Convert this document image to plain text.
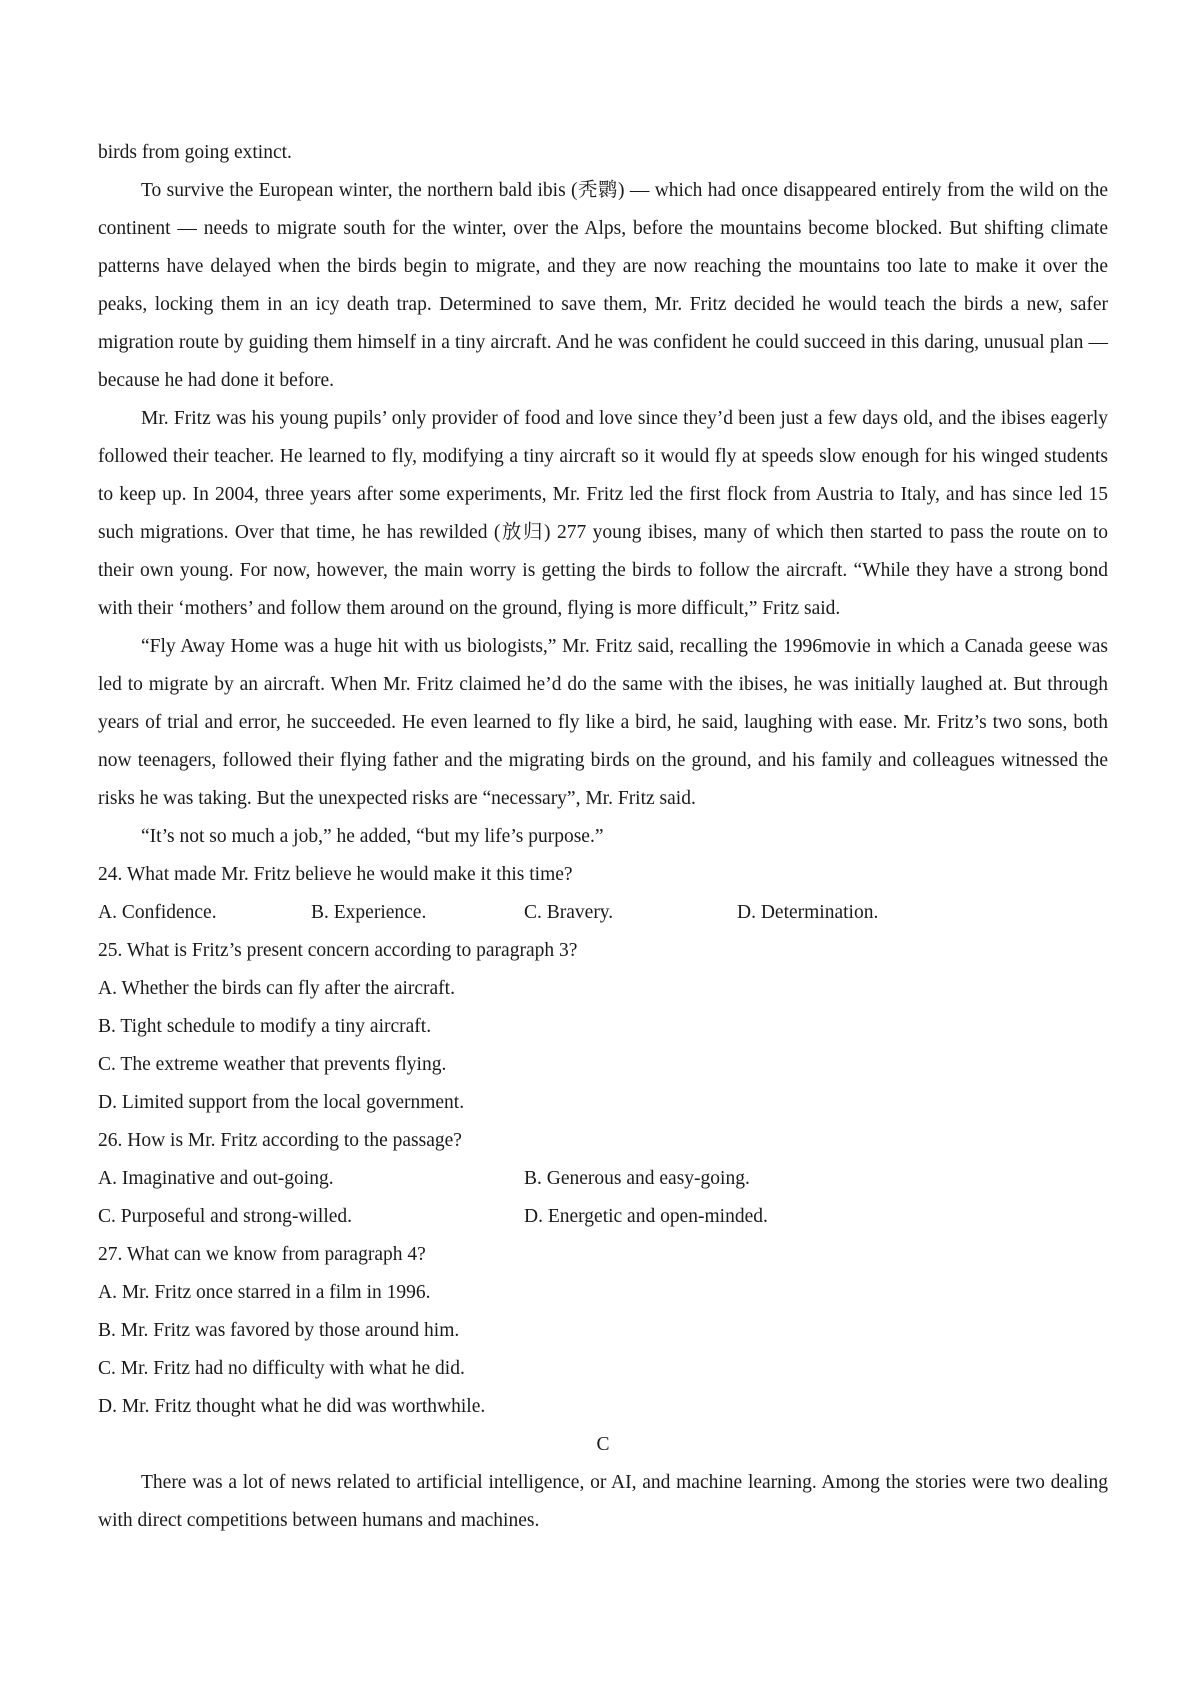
birds from going extinct.

To survive the European winter, the northern bald ibis (秃鹮) — which had once disappeared entirely from the wild on the continent — needs to migrate south for the winter, over the Alps, before the mountains become blocked. But shifting climate patterns have delayed when the birds begin to migrate, and they are now reaching the mountains too late to make it over the peaks, locking them in an icy death trap. Determined to save them, Mr. Fritz decided he would teach the birds a new, safer migration route by guiding them himself in a tiny aircraft. And he was confident he could succeed in this daring, unusual plan —because he had done it before.

Mr. Fritz was his young pupils’ only provider of food and love since they’d been just a few days old, and the ibises eagerly followed their teacher. He learned to fly, modifying a tiny aircraft so it would fly at speeds slow enough for his winged students to keep up. In 2004, three years after some experiments, Mr. Fritz led the first flock from Austria to Italy, and has since led 15 such migrations. Over that time, he has rewilded (放归) 277 young ibises, many of which then started to pass the route on to their own young. For now, however, the main worry is getting the birds to follow the aircraft. “While they have a strong bond with their ‘mothers’ and follow them around on the ground, flying is more difficult,” Fritz said.

“Fly Away Home was a huge hit with us biologists,” Mr. Fritz said, recalling the 1996movie in which a Canada geese was led to migrate by an aircraft. When Mr. Fritz claimed he’d do the same with the ibises, he was initially laughed at. But through years of trial and error, he succeeded. He even learned to fly like a bird, he said, laughing with ease. Mr. Fritz’s two sons, both now teenagers, followed their flying father and the migrating birds on the ground, and his family and colleagues witnessed the risks he was taking. But the unexpected risks are “necessary”, Mr. Fritz said.

“It’s not so much a job,” he added, “but my life’s purpose.”

24. What made Mr. Fritz believe he would make it this time?

A. Confidence.	B. Experience.	C. Bravery.	D. Determination.

25. What is Fritz’s present concern according to paragraph 3?

A. Whether the birds can fly after the aircraft.

B. Tight schedule to modify a tiny aircraft.

C. The extreme weather that prevents flying.

D. Limited support from the local government.

26. How is Mr. Fritz according to the passage?

A. Imaginative and out-going.	B. Generous and easy-going.
C. Purposeful and strong-willed.	D. Energetic and open-minded.

27. What can we know from paragraph 4?

A. Mr. Fritz once starred in a film in 1996.

B. Mr. Fritz was favored by those around him.

C. Mr. Fritz had no difficulty with what he did.

D. Mr. Fritz thought what he did was worthwhile.

C

There was a lot of news related to artificial intelligence, or AI, and machine learning. Among the stories were two dealing with direct competitions between humans and machines.
